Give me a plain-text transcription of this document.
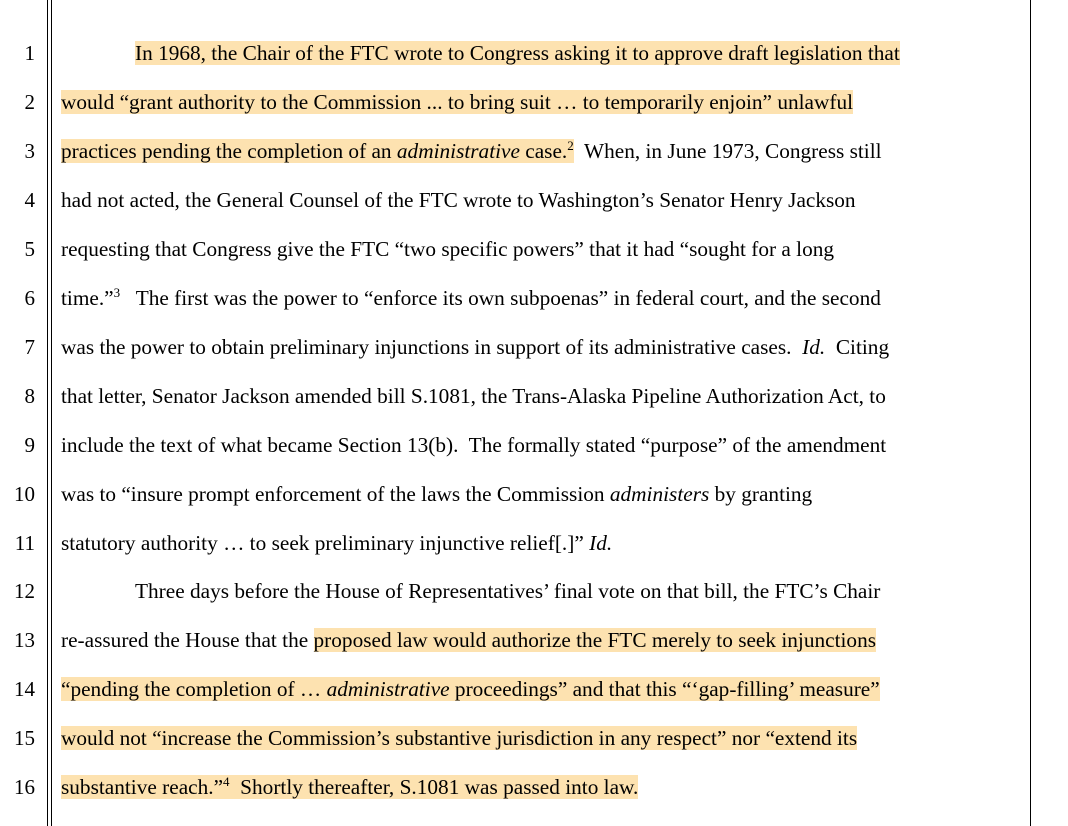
1	In 1968, the Chair of the FTC wrote to Congress asking it to approve draft legislation that
2 would “grant authority to the Commission ... to bring suit … to temporarily enjoin” unlawful
3 practices pending the completion of an administrative case.$^2$  When, in June 1973, Congress still
4 had not acted, the General Counsel of the FTC wrote to Washington’s Senator Henry Jackson
5 requesting that Congress give the FTC “two specific powers” that it had “sought for a long
6 time.”$^3$   The first was the power to “enforce its own subpoenas” in federal court, and the second
7 was the power to obtain preliminary injunctions in support of its administrative cases.  Id.  Citing
8 that letter, Senator Jackson amended bill S.1081, the Trans-Alaska Pipeline Authorization Act, to
9 include the text of what became Section 13(b).  The formally stated “purpose” of the amendment
10 was to “insure prompt enforcement of the laws the Commission administers by granting
11 statutory authority … to seek preliminary injunctive relief[.]” Id.
12	Three days before the House of Representatives’ final vote on that bill, the FTC’s Chair
13 re-assured the House that the proposed law would authorize the FTC merely to seek injunctions
14 “pending the completion of … administrative proceedings” and that this “‘gap-filling’ measure”
15 would not “increase the Commission’s substantive jurisdiction in any respect” nor “extend its
16 substantive reach.”$^4$  Shortly thereafter, S.1081 was passed into law.
